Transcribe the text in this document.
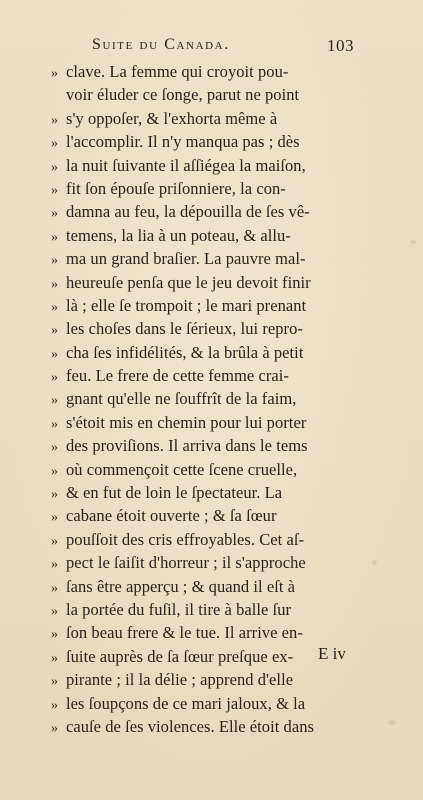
Suite du Canada.	103
» clave. La femme qui croyoit pou-
voir éluder ce ſonge, parut ne point
» s'y oppoſer, & l'exhorta même à
» l'accomplir. Il n'y manqua pas ; dès
» la nuit ſuivante il aſſiégea la maiſon,
» fit ſon épouſe priſonniere, la con-
» damna au feu, la dépouilla de ſes vê-
» temens, la lia à un poteau, & allu-
» ma un grand braſier. La pauvre mal-
» heureuſe penſa que le jeu devoit finir
» là ; elle ſe trompoit ; le mari prenant
» les choſes dans le ſérieux, lui repro-
» cha ſes infidélités, & la brûla à petit
» feu. Le frere de cette femme crai-
» gnant qu'elle ne ſouffrît de la faim,
» s'étoit mis en chemin pour lui porter
» des proviſions. Il arriva dans le tems
» où commençoit cette ſcene cruelle,
» & en fut de loin le ſpectateur. La
» cabane étoit ouverte ; & ſa ſœur
» pouſſoit des cris effroyables. Cet aſ-
» pect le ſaiſit d'horreur ; il s'approche
» ſans être apperçu ; & quand il eſt à
» la portée du fuſil, il tire à balle ſur
» ſon beau frere & le tue. Il arrive en-
» ſuite auprès de ſa ſœur preſque ex-
» pirante ; il la délie ; apprend d'elle
» les ſoupçons de ce mari jaloux, & la
» cauſe de ſes violences. Elle étoit dans
E iv
